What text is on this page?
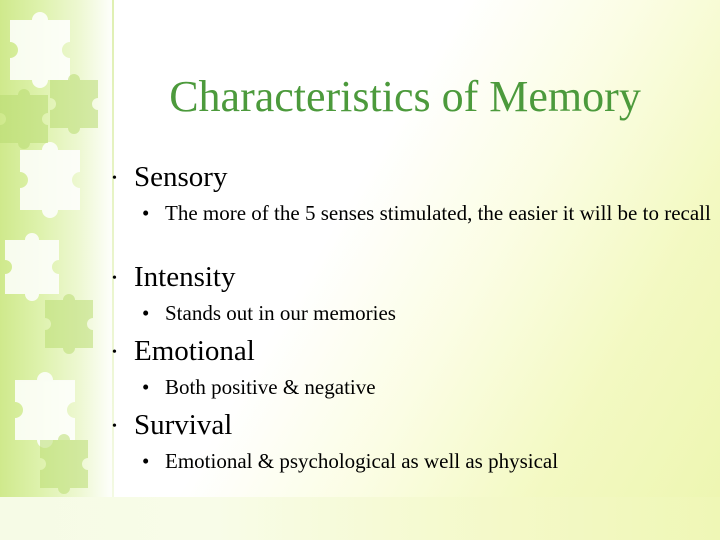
Characteristics of Memory
• Sensory
• The more of the 5 senses stimulated, the easier it will be to recall
• Intensity
• Stands out in our memories
• Emotional
• Both positive & negative
• Survival
• Emotional & psychological as well as physical
